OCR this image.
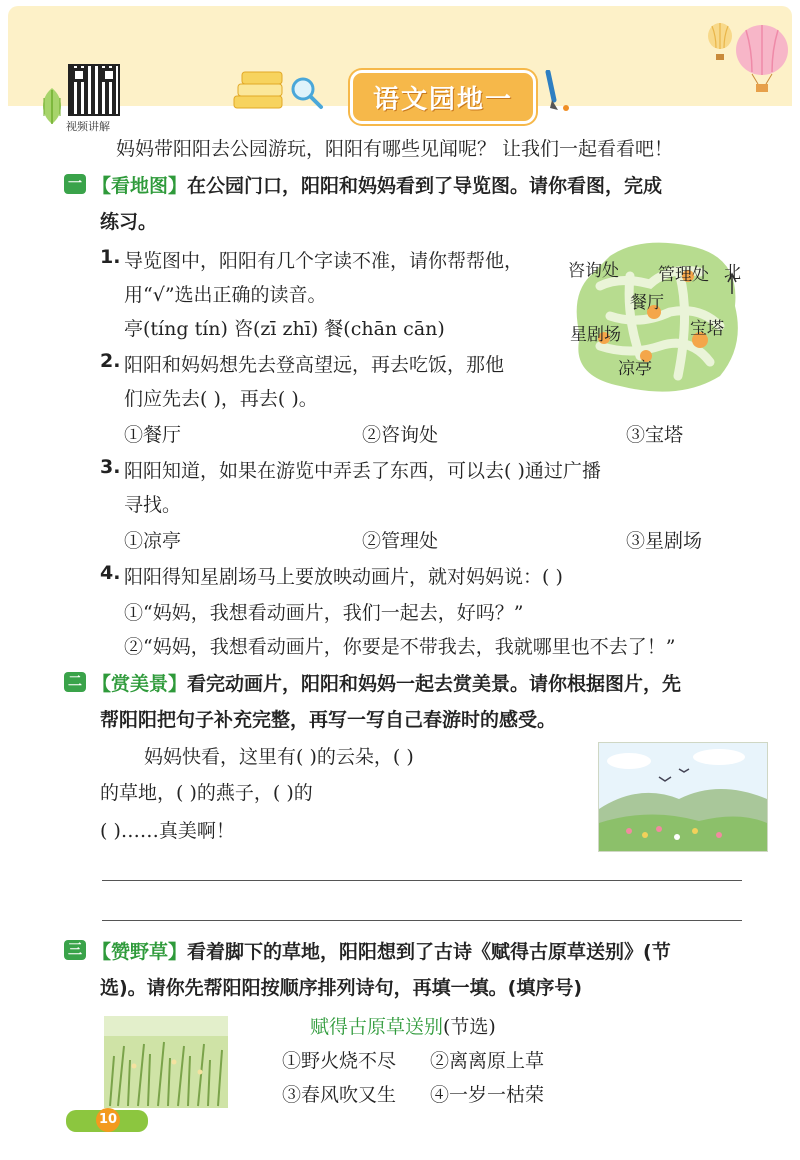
视频讲解
语文园地一
妈妈带阳阳去公园游玩，阳阳有哪些见闻呢？ 让我们一起看看吧！
一 【看地图】在公园门口，阳阳和妈妈看到了导览图。请你看图，完成
练习。
1. 导览图中，阳阳有几个字读不准，请你帮帮他，
用“√”选出正确的读音。
亭(tíng tín) 咨(zī zhī) 餐(chān cān)
2. 阳阳和妈妈想先去登高望远，再去吃饭，那他
们应先去( )，再去( )。
①餐厅	②咨询处	③宝塔
咨询处 管理处 北
餐厅
宝塔
星剧场
凉亭
3. 阳阳知道，如果在游览中弄丢了东西，可以去( )通过广播
寻找。
①凉亭	②管理处	③星剧场
4. 阳阳得知星剧场马上要放映动画片，就对妈妈说：( )
①“妈妈，我想看动画片，我们一起去，好吗？”
②“妈妈，我想看动画片，你要是不带我去，我就哪里也不去了！”
二 【赏美景】看完动画片，阳阳和妈妈一起去赏美景。请你根据图片，先
帮阳阳把句子补充完整，再写一写自己春游时的感受。
妈妈快看，这里有( )的云朵，( )
的草地，( )的燕子，( )的
( )……真美啊！
三 【赞野草】看着脚下的草地，阳阳想到了古诗《赋得古原草送别》(节
选)。请你先帮阳阳按顺序排列诗句，再填一填。(填序号)
赋得古原草送别(节选)
①野火烧不尽 ②离离原上草
③春风吹又生 ④一岁一枯荣
10
